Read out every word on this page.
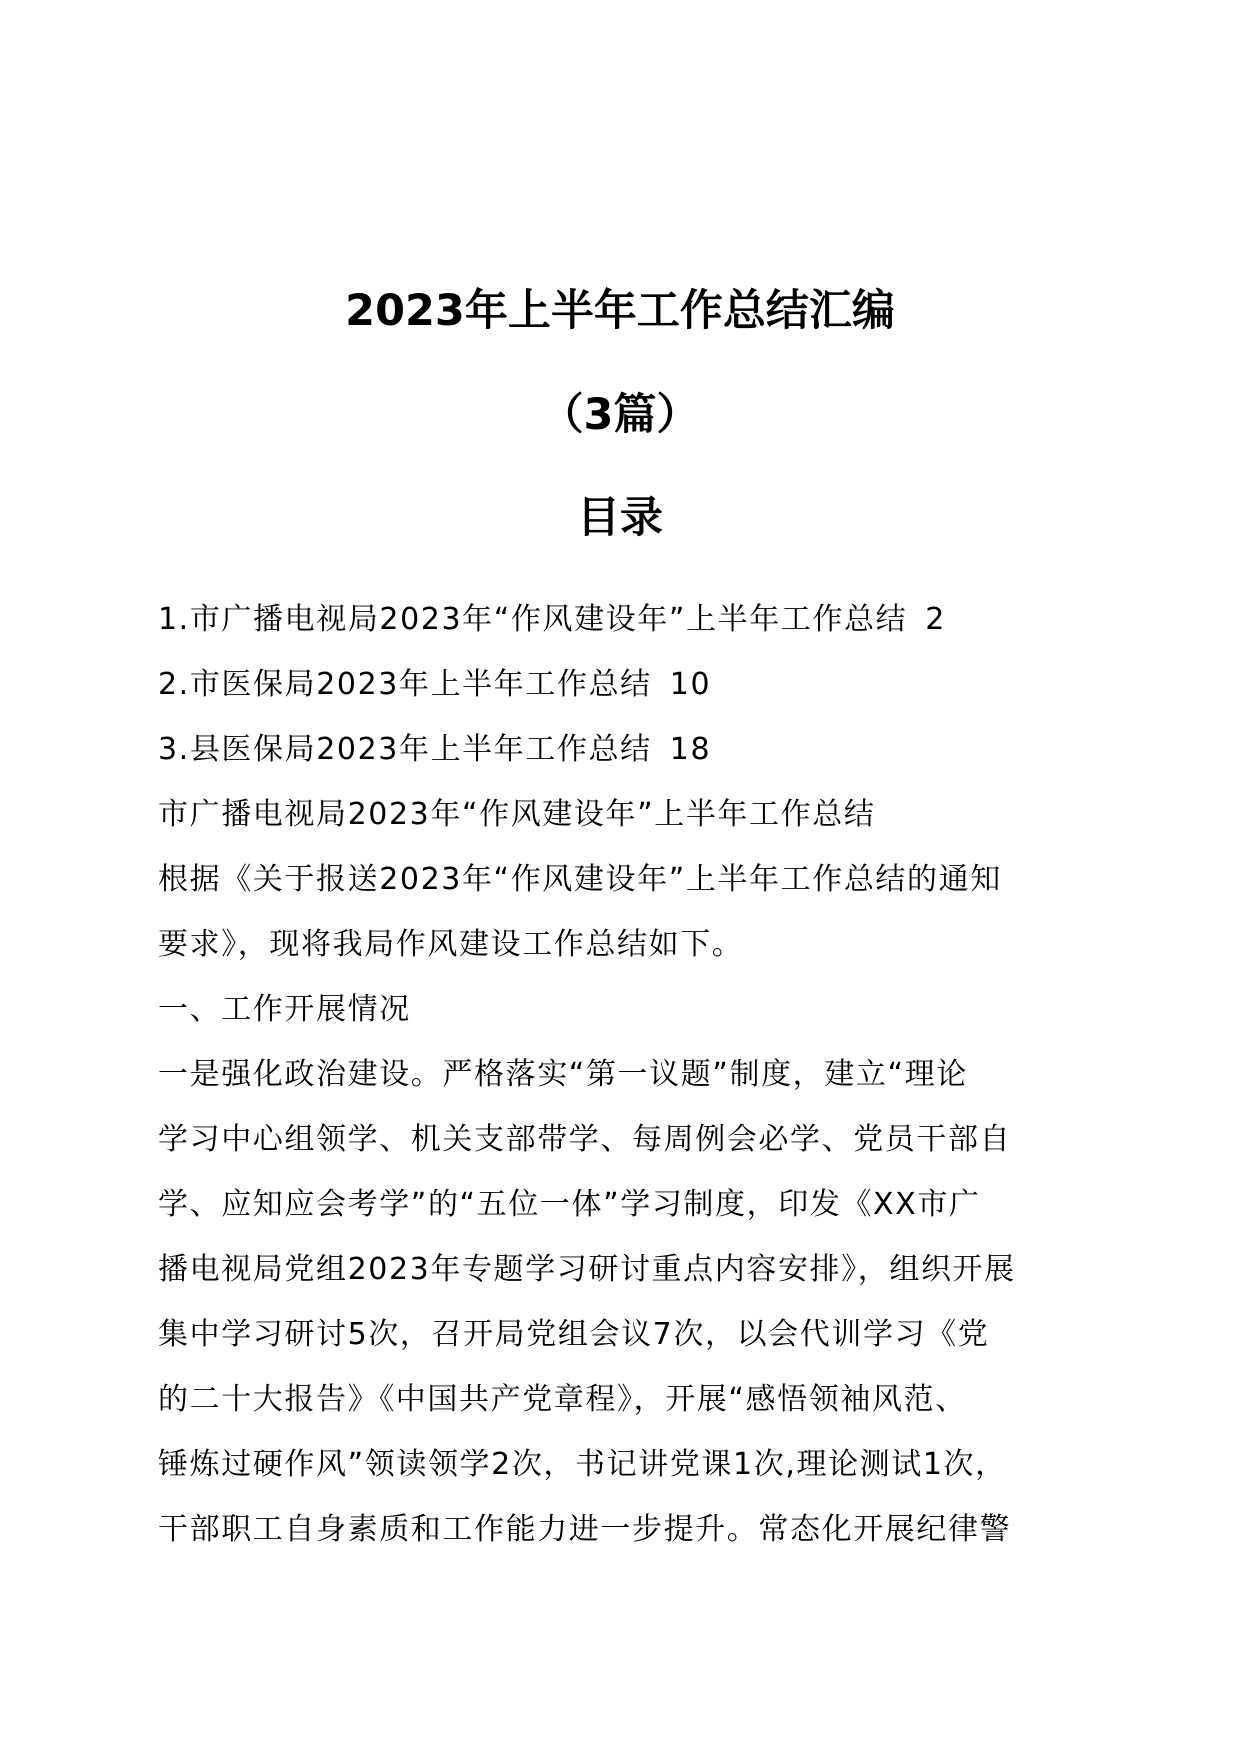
2023年上半年工作总结汇编
（3篇）
目录
1.市广播电视局2023年“作风建设年”上半年工作总结 2
2.市医保局2023年上半年工作总结 10
3.县医保局2023年上半年工作总结 18
市广播电视局2023年“作风建设年”上半年工作总结
根据《关于报送2023年“作风建设年”上半年工作总结的通知
要求》，现将我局作风建设工作总结如下。
一、工作开展情况
一是强化政治建设。严格落实“第一议题”制度，建立“理论
学习中心组领学、机关支部带学、每周例会必学、党员干部自
学、应知应会考学”的“五位一体”学习制度，印发《XX市广
播电视局党组2023年专题学习研讨重点内容安排》，组织开展
集中学习研讨5次，召开局党组会议7次，以会代训学习《党
的二十大报告》《中国共产党章程》，开展“感悟领袖风范、
锤炼过硬作风”领读领学2次，书记讲党课1次,理论测试1次，
干部职工自身素质和工作能力进一步提升。常态化开展纪律警
